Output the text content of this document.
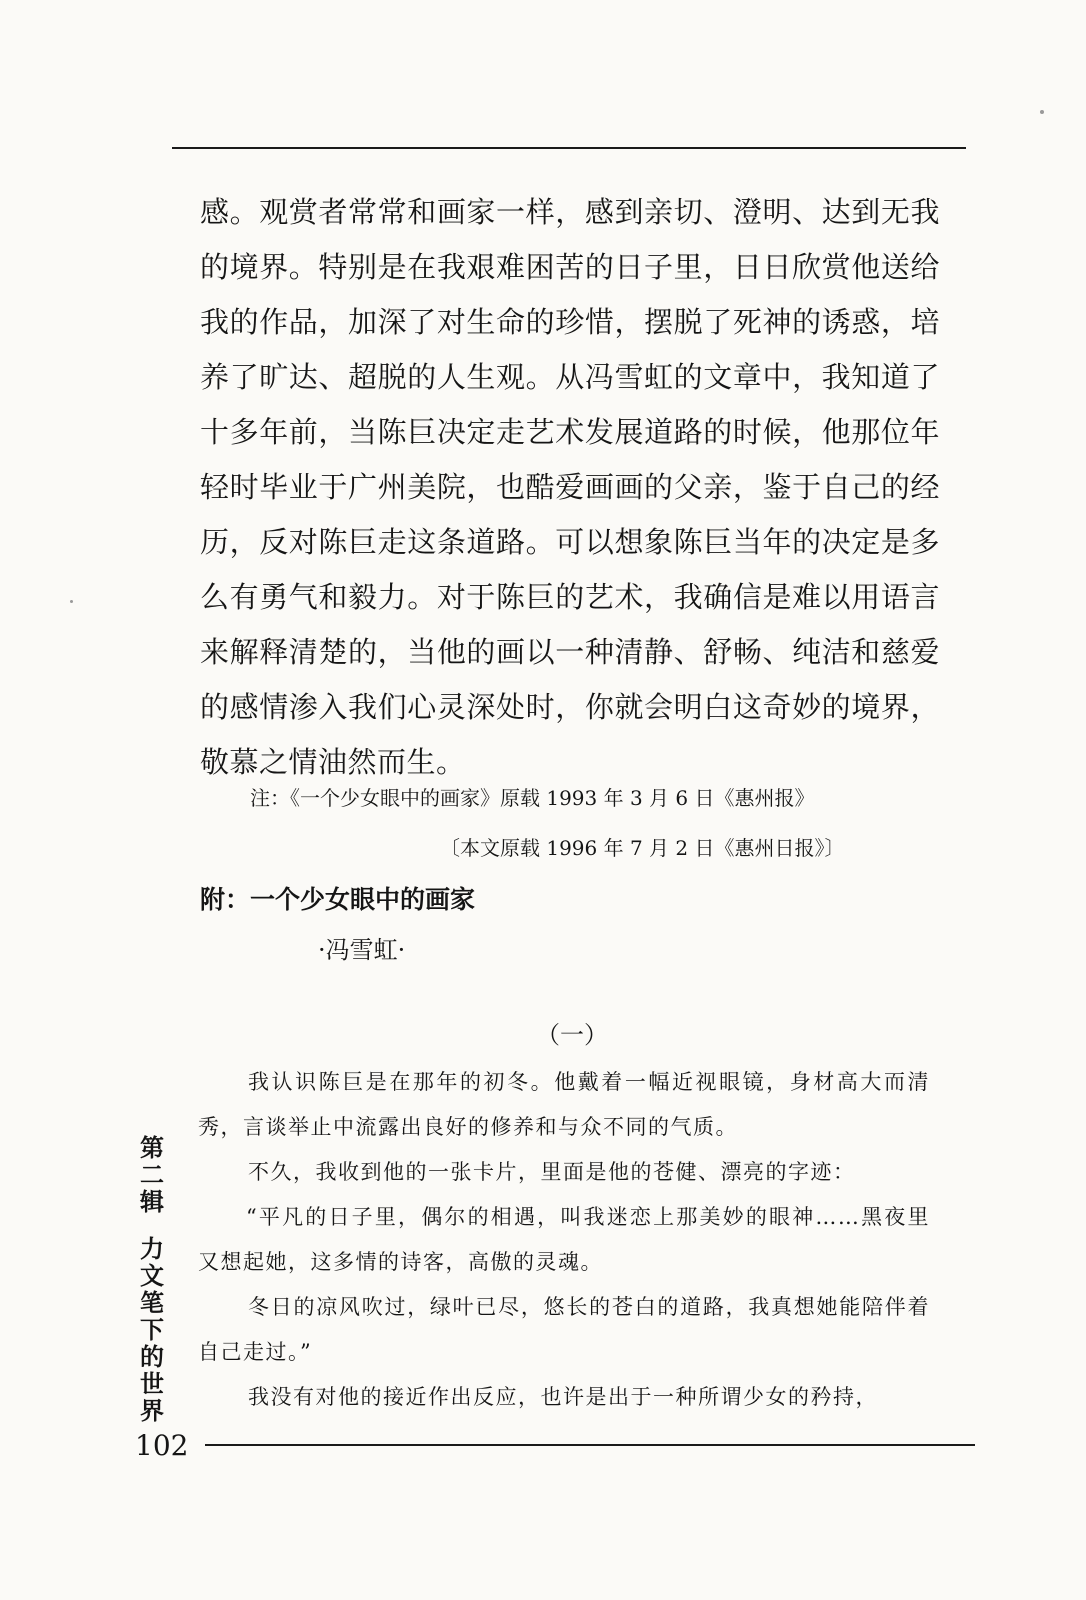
感。观赏者常常和画家一样，感到亲切、澄明、达到无我的境界。特别是在我艰难困苦的日子里，日日欣赏他送给我的作品，加深了对生命的珍惜，摆脱了死神的诱惑，培养了旷达、超脱的人生观。从冯雪虹的文章中，我知道了十多年前，当陈巨决定走艺术发展道路的时候，他那位年轻时毕业于广州美院，也酷爱画画的父亲，鉴于自己的经历，反对陈巨走这条道路。可以想象陈巨当年的决定是多么有勇气和毅力。对于陈巨的艺术，我确信是难以用语言来解释清楚的，当他的画以一种清静、舒畅、纯洁和慈爱的感情渗入我们心灵深处时，你就会明白这奇妙的境界，敬慕之情油然而生。

注：《一个少女眼中的画家》原载 1993 年 3 月 6 日《惠州报》
〔本文原载 1996 年 7 月 2 日《惠州日报》〕
附：一个少女眼中的画家
·冯雪虹·
（一）

我认识陈巨是在那年的初冬。他戴着一幅近视眼镜，身材高大而清秀，言谈举止中流露出良好的修养和与众不同的气质。

不久，我收到他的一张卡片，里面是他的苍健、漂亮的字迹：

“平凡的日子里，偶尔的相遇，叫我迷恋上那美妙的眼神……黑夜里又想起她，这多情的诗客，高傲的灵魂。

冬日的凉风吹过，绿叶已尽，悠长的苍白的道路，我真想她能陪伴着自己走过。”

我没有对他的接近作出反应，也许是出于一种所谓少女的矜持，

第二辑
力文笔下的世界
102
